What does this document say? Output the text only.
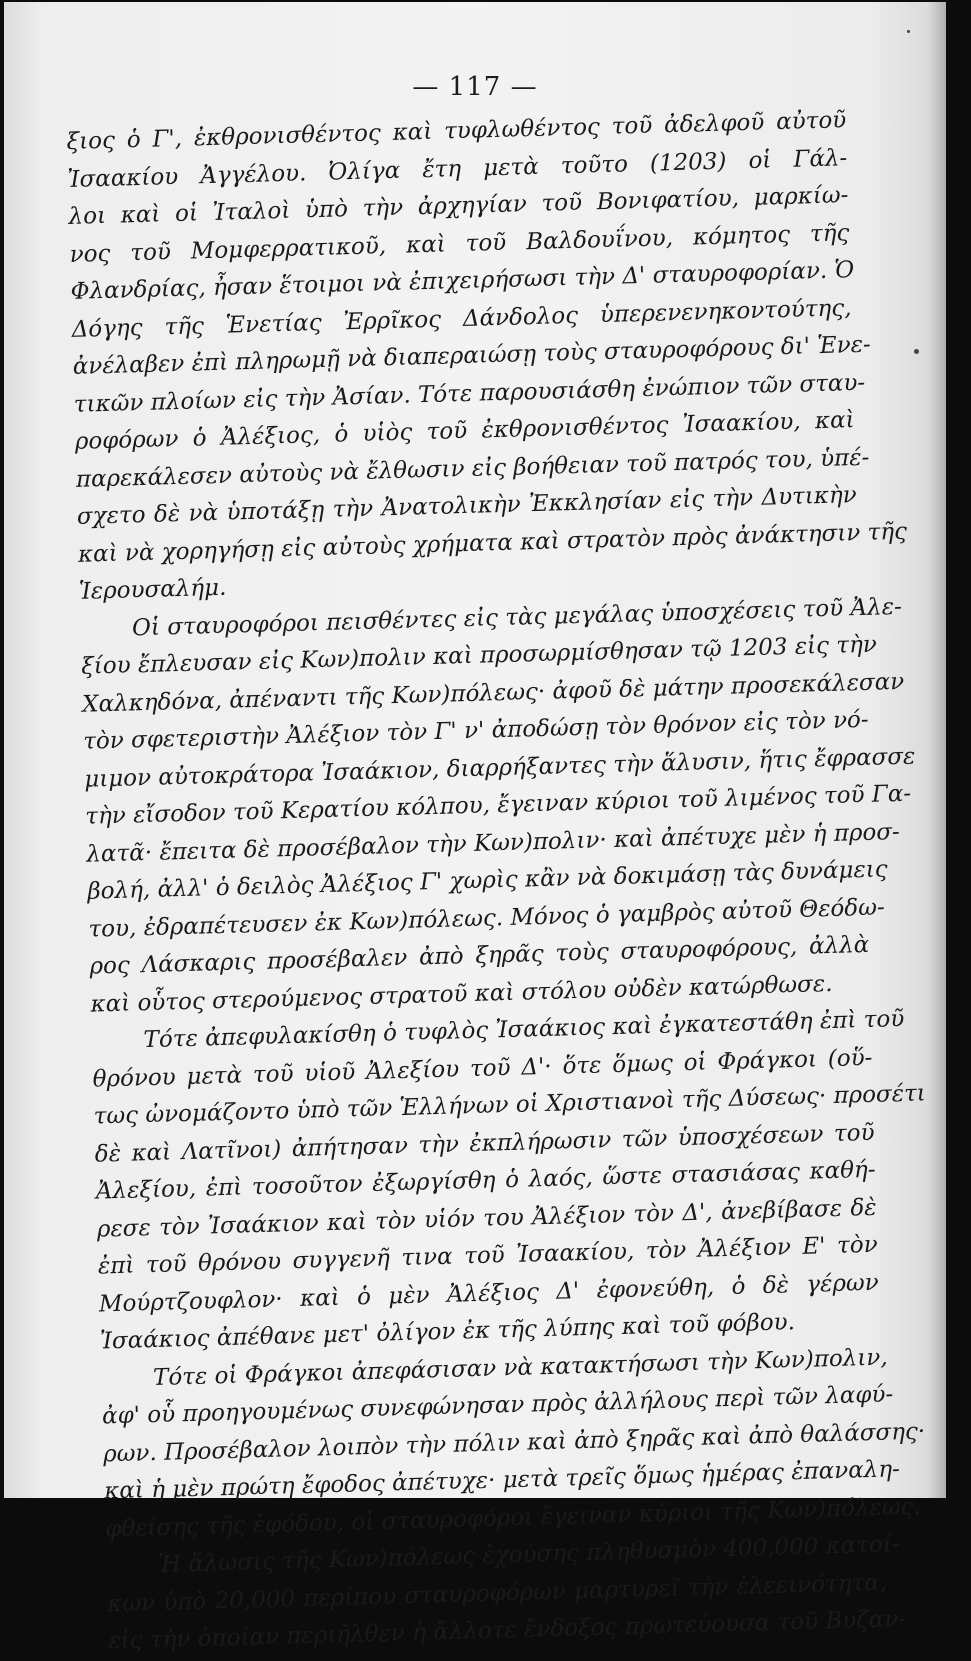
— 117 —
ξιος ὁ Γ', ἐκθρονισθέντος καὶ τυφλωθέντος τοῦ ἀδελφοῦ αὐτοῦ
Ἰσαακίου Ἀγγέλου. Ὀλίγα ἔτη μετὰ τοῦτο (1203) οἱ Γάλ-
λοι καὶ οἱ Ἰταλοὶ ὑπὸ τὴν ἀρχηγίαν τοῦ Βονιφατίου, μαρκίω-
νος τοῦ Μομφερρατικοῦ, καὶ τοῦ Βαλδουΐνου, κόμητος τῆς
Φλανδρίας, ἦσαν ἕτοιμοι νὰ ἐπιχειρήσωσι τὴν Δ' σταυροφορίαν. Ὁ
Δόγης τῆς Ἑνετίας Ἐρρῖκος Δάνδολος ὑπερενενηκοντούτης,
ἀνέλαβεν ἐπὶ πληρωμῇ νὰ διαπεραιώσῃ τοὺς σταυροφόρους δι' Ἑνε-
τικῶν πλοίων εἰς τὴν Ἀσίαν. Τότε παρουσιάσθη ἐνώπιον τῶν σταυ-
ροφόρων ὁ Ἀλέξιος, ὁ υἱὸς τοῦ ἐκθρονισθέντος Ἰσαακίου, καὶ
παρεκάλεσεν αὐτοὺς νὰ ἔλθωσιν εἰς βοήθειαν τοῦ πατρός του, ὑπέ-
σχετο δὲ νὰ ὑποτάξῃ τὴν Ἀνατολικὴν Ἐκκλησίαν εἰς τὴν Δυτικὴν
καὶ νὰ χορηγήσῃ εἰς αὐτοὺς χρήματα καὶ στρατὸν πρὸς ἀνάκτησιν τῆς
Ἱερουσαλήμ.
Οἱ σταυροφόροι πεισθέντες εἰς τὰς μεγάλας ὑποσχέσεις τοῦ Ἀλε-
ξίου ἔπλευσαν εἰς Κων)πολιν καὶ προσωρμίσθησαν τῷ 1203 εἰς τὴν
Χαλκηδόνα, ἀπέναντι τῆς Κων)πόλεως· ἀφοῦ δὲ μάτην προσεκάλεσαν
τὸν σφετεριστὴν Ἀλέξιον τὸν Γ' ν' ἀποδώσῃ τὸν θρόνον εἰς τὸν νό-
μιμον αὐτοκράτορα Ἰσαάκιον, διαρρήξαντες τὴν ἅλυσιν, ἥτις ἔφρασσε
τὴν εἴσοδον τοῦ Κερατίου κόλπου, ἔγειναν κύριοι τοῦ λιμένος τοῦ Γα-
λατᾶ· ἔπειτα δὲ προσέβαλον τὴν Κων)πολιν· καὶ ἀπέτυχε μὲν ἡ προσ-
βολή, ἀλλ' ὁ δειλὸς Ἀλέξιος Γ' χωρὶς κἂν νὰ δοκιμάσῃ τὰς δυνάμεις
του, ἐδραπέτευσεν ἐκ Κων)πόλεως. Μόνος ὁ γαμβρὸς αὐτοῦ Θεόδω-
ρος Λάσκαρις προσέβαλεν ἀπὸ ξηρᾶς τοὺς σταυροφόρους, ἀλλὰ
καὶ οὗτος στερούμενος στρατοῦ καὶ στόλου οὐδὲν κατώρθωσε.
Τότε ἀπεφυλακίσθη ὁ τυφλὸς Ἰσαάκιος καὶ ἐγκατεστάθη ἐπὶ τοῦ
θρόνου μετὰ τοῦ υἱοῦ Ἀλεξίου τοῦ Δ'· ὅτε ὅμως οἱ Φράγκοι (οὕ-
τως ὠνομάζοντο ὑπὸ τῶν Ἑλλήνων οἱ Χριστιανοὶ τῆς Δύσεως· προσέτι
δὲ καὶ Λατῖνοι) ἀπήτησαν τὴν ἐκπλήρωσιν τῶν ὑποσχέσεων τοῦ
Ἀλεξίου, ἐπὶ τοσοῦτον ἐξωργίσθη ὁ λαός, ὥστε στασιάσας καθή-
ρεσε τὸν Ἰσαάκιον καὶ τὸν υἱόν του Ἀλέξιον τὸν Δ', ἀνεβίβασε δὲ
ἐπὶ τοῦ θρόνου συγγενῆ τινα τοῦ Ἰσαακίου, τὸν Ἀλέξιον Ε' τὸν
Μούρτζουφλον· καὶ ὁ μὲν Ἀλέξιος Δ' ἐφονεύθη, ὁ δὲ γέρων
Ἰσαάκιος ἀπέθανε μετ' ὀλίγον ἐκ τῆς λύπης καὶ τοῦ φόβου.
Τότε οἱ Φράγκοι ἀπεφάσισαν νὰ κατακτήσωσι τὴν Κων)πολιν,
ἀφ' οὗ προηγουμένως συνεφώνησαν πρὸς ἀλλήλους περὶ τῶν λαφύ-
ρων. Προσέβαλον λοιπὸν τὴν πόλιν καὶ ἀπὸ ξηρᾶς καὶ ἀπὸ θαλάσσης·
καὶ ἡ μὲν πρώτη ἔφοδος ἀπέτυχε· μετὰ τρεῖς ὅμως ἡμέρας ἐπαναλη-
φθείσης τῆς ἐφόδου, οἱ σταυροφόροι ἔγειναν κύριοι τῆς Κων)πόλεως.
Ἡ ἅλωσις τῆς Κων)πόλεως ἐχούσης πληθυσμὸν 400,000 κατοί-
κων ὑπὸ 20,000 περίπου σταυροφόρων μαρτυρεῖ τὴν ἐλεεινότητα,
εἰς τὴν ὁποίαν περιῆλθεν ἡ ἄλλοτε ἔνδοξος πρωτεύουσα τοῦ Βυζαν-
